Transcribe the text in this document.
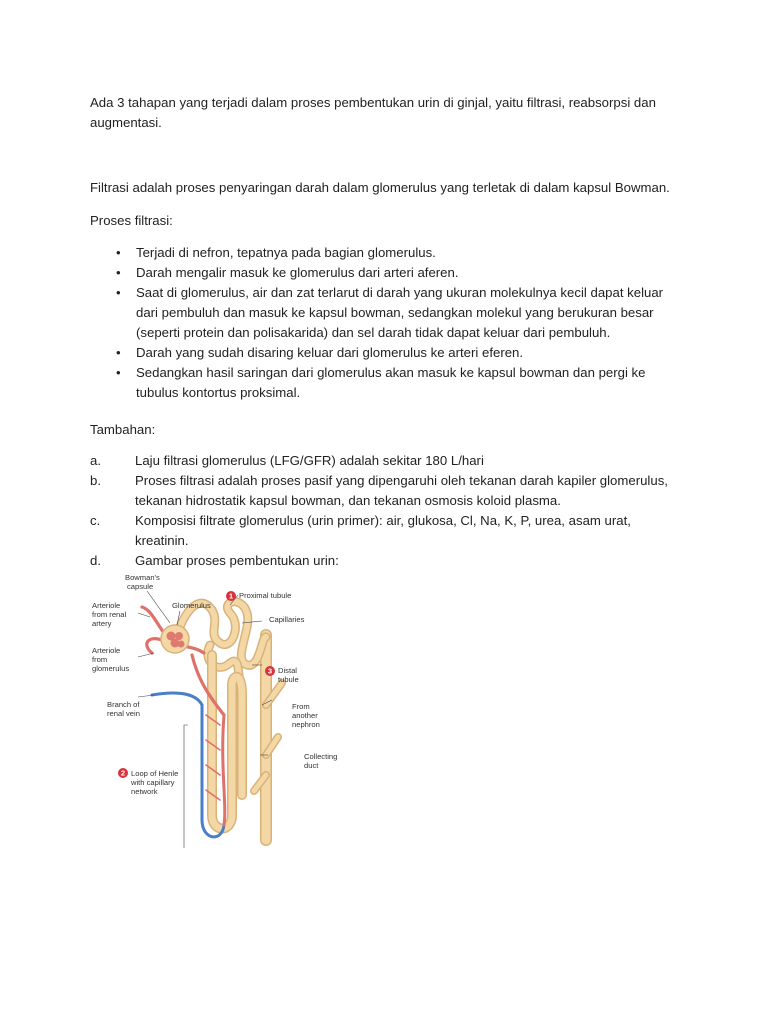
Ada 3 tahapan yang terjadi dalam proses pembentukan urin di ginjal, yaitu filtrasi, reabsorpsi dan augmentasi.

Filtrasi adalah proses penyaringan darah dalam glomerulus yang terletak di dalam kapsul Bowman.

Proses filtrasi:

• Terjadi di nefron, tepatnya pada bagian glomerulus.
• Darah mengalir masuk ke glomerulus dari arteri aferen.
• Saat di glomerulus, air dan zat terlarut di darah yang ukuran molekulnya kecil dapat keluar dari pembuluh dan masuk ke kapsul bowman, sedangkan molekul yang berukuran besar (seperti protein dan polisakarida) dan sel darah tidak dapat keluar dari pembuluh.
• Darah yang sudah disaring keluar dari glomerulus ke arteri eferen.
• Sedangkan hasil saringan dari glomerulus akan masuk ke kapsul bowman dan pergi ke tubulus kontortus proksimal.

Tambahan:

a.	Laju filtrasi glomerulus (LFG/GFR) adalah sekitar 180 L/hari
b.	Proses filtrasi adalah proses pasif yang dipengaruhi oleh tekanan darah kapiler glomerulus, tekanan hidrostatik kapsul bowman, dan tekanan osmosis koloid plasma.
c.	Komposisi filtrate glomerulus (urin primer): air, glukosa, Cl, Na, K, P, urea, asam urat, kreatinin.
d.	Gambar proses pembentukan urin:
1
2
3
Bowman's
capsule
Glomerulus
Arteriole
from renal
artery
Arteriole
from
glomerulus
Branch of
renal vein
Loop of Henle
with capillary
network
Proximal tubule
Capillaries
Distal
tubule
From
another
nephron
Collecting
duct
